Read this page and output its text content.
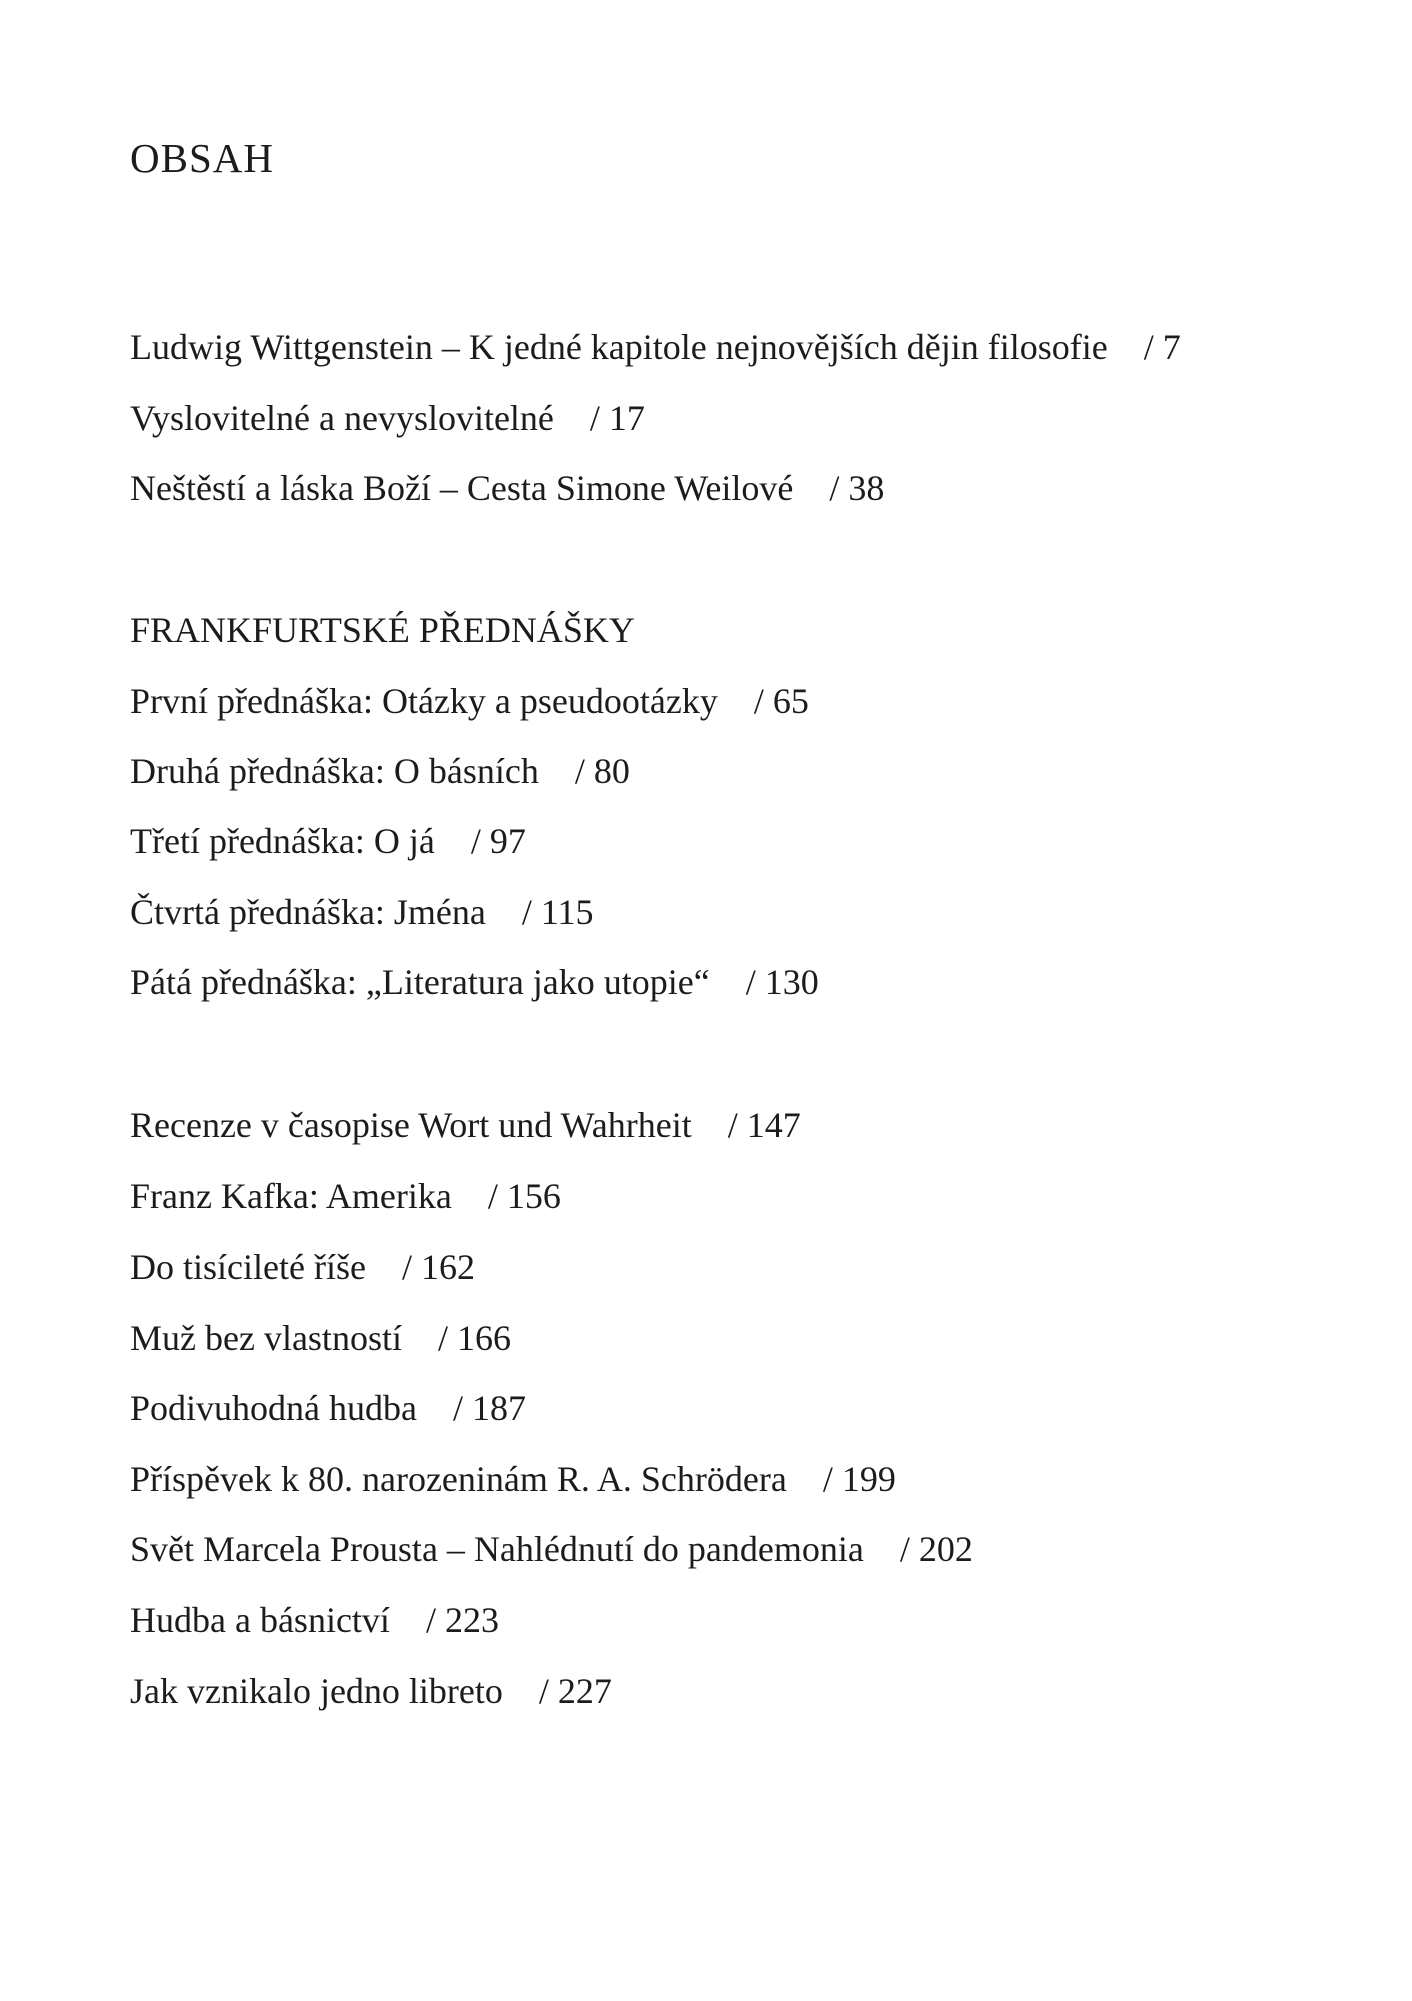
OBSAH
Ludwig Wittgenstein – K jedné kapitole nejnovějších dějin filosofie / 7
Vyslovitelné a nevyslovitelné / 17
Neštěstí a láska Boží – Cesta Simone Weilové / 38
FRANKFURTSKÉ PŘEDNÁŠKY
První přednáška: Otázky a pseudootázky / 65
Druhá přednáška: O básních / 80
Třetí přednáška: O já / 97
Čtvrtá přednáška: Jména / 115
Pátá přednáška: „Literatura jako utopie“ / 130
Recenze v časopise Wort und Wahrheit / 147
Franz Kafka: Amerika / 156
Do tisícileté říše / 162
Muž bez vlastností / 166
Podivuhodná hudba / 187
Příspěvek k 80. narozeninám R. A. Schrödera / 199
Svět Marcela Prousta – Nahlédnutí do pandemonia / 202
Hudba a básnictví / 223
Jak vznikalo jedno libreto / 227
